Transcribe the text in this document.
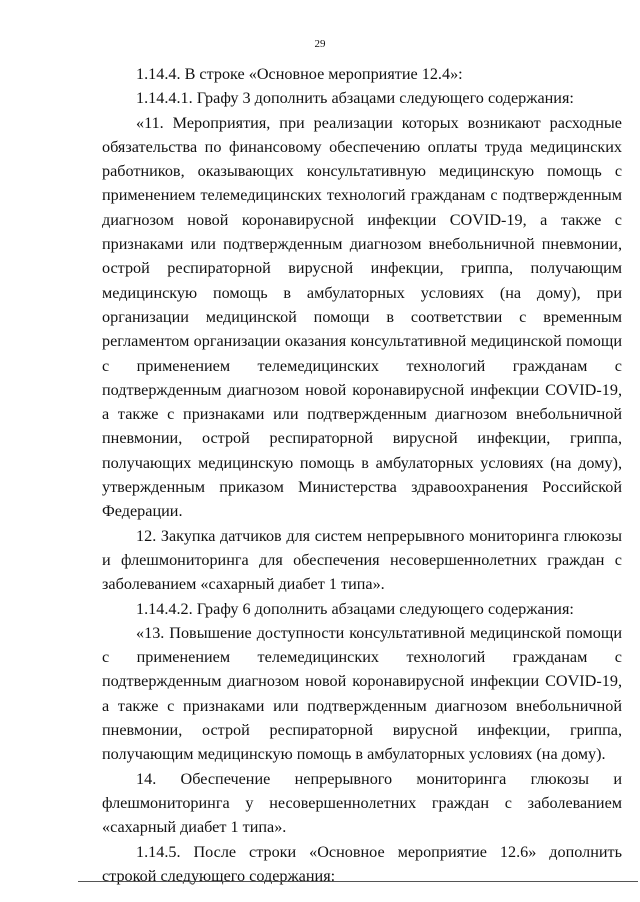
29

1.14.4. В строке «Основное мероприятие 12.4»:

1.14.4.1. Графу 3 дополнить абзацами следующего содержания:

«11. Мероприятия, при реализации которых возникают расходные обязательства по финансовому обеспечению оплаты труда медицинских работников, оказывающих консультативную медицинскую помощь с применением телемедицинских технологий гражданам с подтвержденным диагнозом новой коронавирусной инфекции COVID-19, а также с признаками или подтвержденным диагнозом внебольничной пневмонии, острой респираторной вирусной инфекции, гриппа, получающим медицинскую помощь в амбулаторных условиях (на дому), при организации медицинской помощи в соответствии с временным регламентом организации оказания консультативной медицинской помощи с применением телемедицинских технологий гражданам с подтвержденным диагнозом новой коронавирусной инфекции COVID-19, а также с признаками или подтвержденным диагнозом внебольничной пневмонии, острой респираторной вирусной инфекции, гриппа, получающих медицинскую помощь в амбулаторных условиях (на дому), утвержденным приказом Министерства здравоохранения Российской Федерации.

12. Закупка датчиков для систем непрерывного мониторинга глюкозы и флешмониторинга для обеспечения несовершеннолетних граждан с заболеванием «сахарный диабет 1 типа».

1.14.4.2. Графу 6 дополнить абзацами следующего содержания:

«13. Повышение доступности консультативной медицинской помощи с применением телемедицинских технологий гражданам с подтвержденным диагнозом новой коронавирусной инфекции COVID-19, а также с признаками или подтвержденным диагнозом внебольничной пневмонии, острой респираторной вирусной инфекции, гриппа, получающим медицинскую помощь в амбулаторных условиях (на дому).

14. Обеспечение непрерывного мониторинга глюкозы и флешмониторинга у несовершеннолетних граждан с заболеванием «сахарный диабет 1 типа».

1.14.5. После строки «Основное мероприятие 12.6» дополнить строкой следующего содержания:
